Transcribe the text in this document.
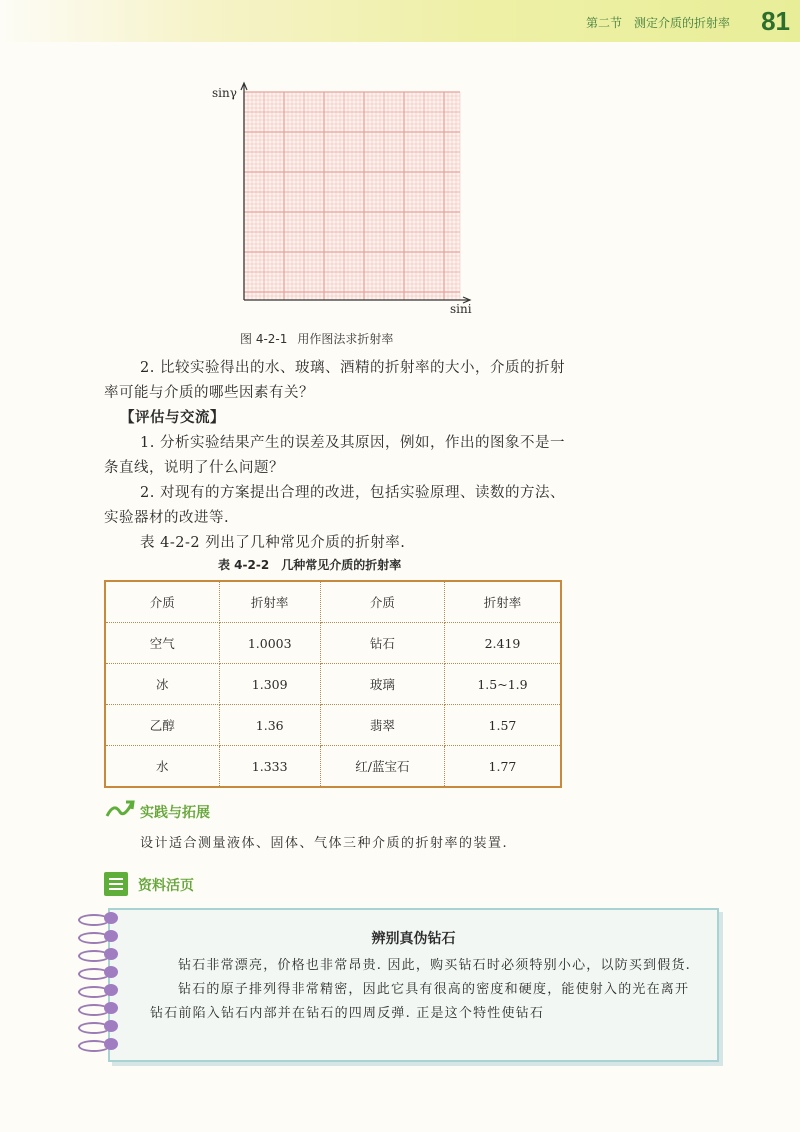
第二节　测定介质的折射率 81
sinγ
sini
图 4-2-1 用作图法求折射率
2. 比较实验得出的水、玻璃、酒精的折射率的大小，介质的折射率可能与介质的哪些因素有关？
【评估与交流】
1. 分析实验结果产生的误差及其原因，例如，作出的图象不是一条直线，说明了什么问题？
2. 对现有的方案提出合理的改进，包括实验原理、读数的方法、实验器材的改进等.
表 4-2-2 列出了几种常见介质的折射率.
表 4-2-2 几种常见介质的折射率
介质	折射率	介质	折射率
空气	1.0003	钻石	2.419
冰	1.309	玻璃	1.5~1.9
乙醇	1.36	翡翠	1.57
水	1.333	红/蓝宝石	1.77
实践与拓展
设计适合测量液体、固体、气体三种介质的折射率的装置.
资料活页
辨别真伪钻石

钻石非常漂亮，价格也非常昂贵. 因此，购买钻石时必须特别小心，以防买到假货.

钻石的原子排列得非常精密，因此它具有很高的密度和硬度，能使射入的光在离开钻石前陷入钻石内部并在钻石的四周反弹. 正是这个特性使钻石
